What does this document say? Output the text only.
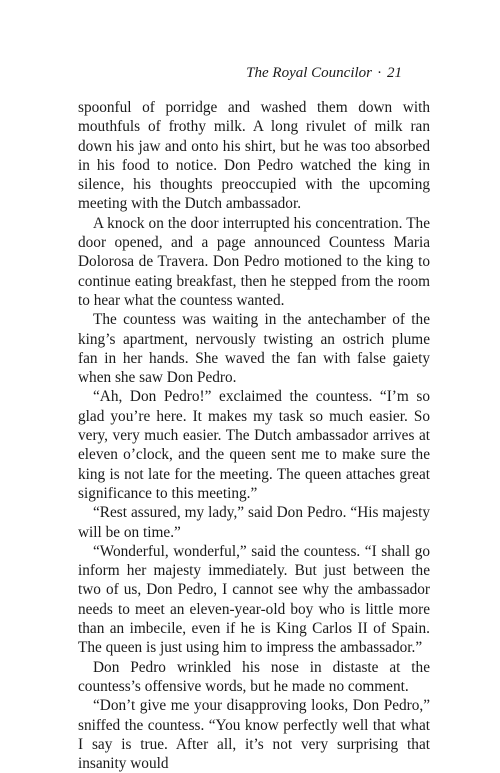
The Royal Councilor · 21

spoonful of porridge and washed them down with mouthfuls of frothy milk. A long rivulet of milk ran down his jaw and onto his shirt, but he was too absorbed in his food to notice. Don Pedro watched the king in silence, his thoughts preoccupied with the upcoming meeting with the Dutch ambassador.

A knock on the door interrupted his concentration. The door opened, and a page announced Countess Maria Dolorosa de Travera. Don Pedro motioned to the king to continue eating breakfast, then he stepped from the room to hear what the countess wanted.

The countess was waiting in the antechamber of the king’s apartment, nervously twisting an ostrich plume fan in her hands. She waved the fan with false gaiety when she saw Don Pedro.

“Ah, Don Pedro!” exclaimed the countess. “I’m so glad you’re here. It makes my task so much easier. So very, very much easier. The Dutch ambassador arrives at eleven o’clock, and the queen sent me to make sure the king is not late for the meeting. The queen attaches great significance to this meeting.”

“Rest assured, my lady,” said Don Pedro. “His majesty will be on time.”

“Wonderful, wonderful,” said the countess. “I shall go inform her majesty immediately. But just between the two of us, Don Pedro, I cannot see why the ambassador needs to meet an eleven-year-old boy who is little more than an imbecile, even if he is King Carlos II of Spain. The queen is just using him to impress the ambassador.”

Don Pedro wrinkled his nose in distaste at the countess’s offensive words, but he made no comment.

“Don’t give me your disapproving looks, Don Pedro,” sniffed the countess. “You know perfectly well that what I say is true. After all, it’s not very surprising that insanity would
